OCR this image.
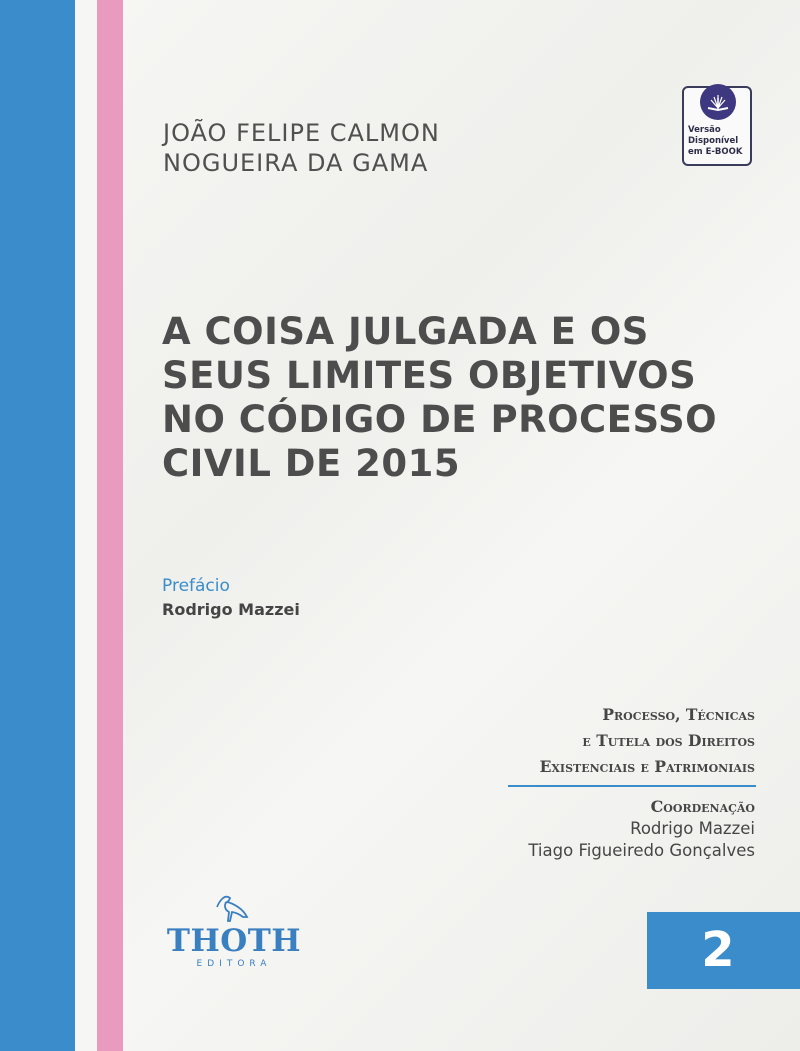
JOÃO FELIPE CALMON
NOGUEIRA DA GAMA
Versão
Disponível
em E-BOOK
A COISA JULGADA E OS
SEUS LIMITES OBJETIVOS
NO CÓDIGO DE PROCESSO
CIVIL DE 2015
Prefácio
Rodrigo Mazzei
Processo, Técnicas
e Tutela dos Direitos
Existenciais e Patrimoniais
Coordenação
Rodrigo Mazzei
Tiago Figueiredo Gonçalves
THOTH
EDITORA	2
